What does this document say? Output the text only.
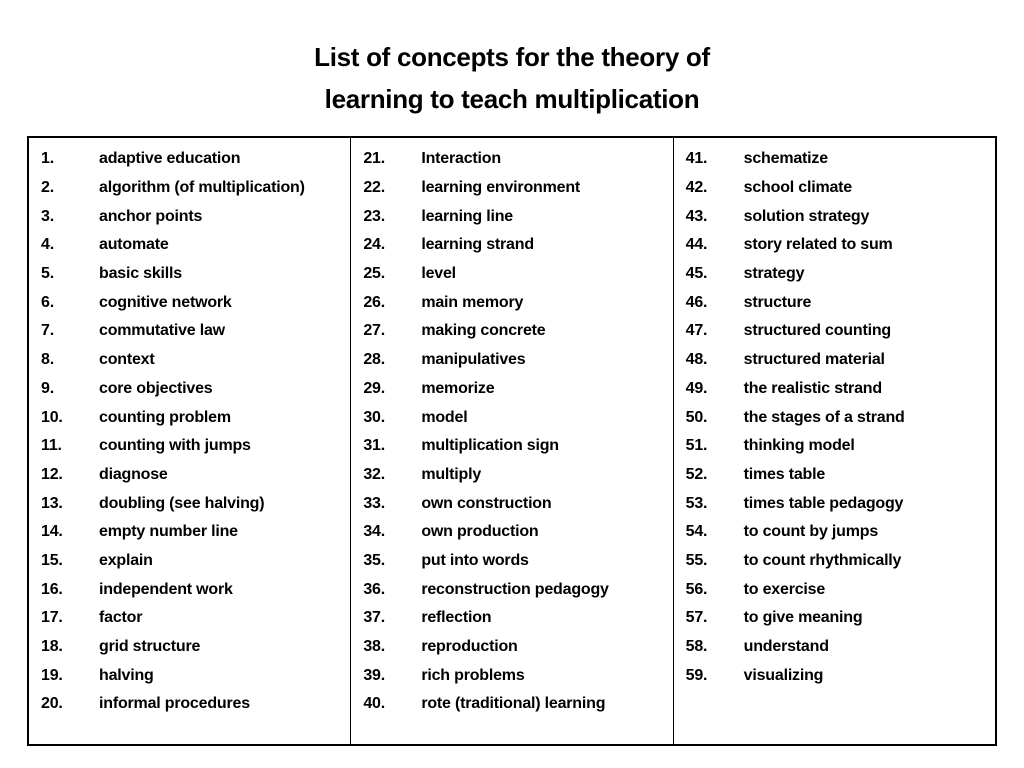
List of concepts for the theory of
learning to teach multiplication
1.	adaptive education
2.	algorithm (of multiplication)
3.	anchor points
4.	automate
5.	basic skills
6.	cognitive network
7.	commutative law
8.	context
9.	core objectives
10.	counting problem
11.	counting with jumps
12.	diagnose
13.	doubling (see halving)
14.	empty number line
15.	explain
16.	independent work
17.	factor
18.	grid structure
19.	halving
20.	informal procedures
21.	Interaction
22.	learning environment
23.	learning line
24.	learning strand
25.	level
26.	main memory
27.	making concrete
28.	manipulatives
29.	memorize
30.	model
31.	multiplication sign
32.	multiply
33.	own construction
34.	own production
35.	put into words
36.	reconstruction pedagogy
37.	reflection
38.	reproduction
39.	rich problems
40.	rote (traditional) learning
41.	schematize
42.	school climate
43.	solution strategy
44.	story related to sum
45.	strategy
46.	structure
47.	structured counting
48.	structured material
49.	the realistic strand
50.	the stages of a strand
51.	thinking model
52.	times table
53.	times table pedagogy
54.	to count by jumps
55.	to count rhythmically
56.	to exercise
57.	to give meaning
58.	understand
59.	visualizing
